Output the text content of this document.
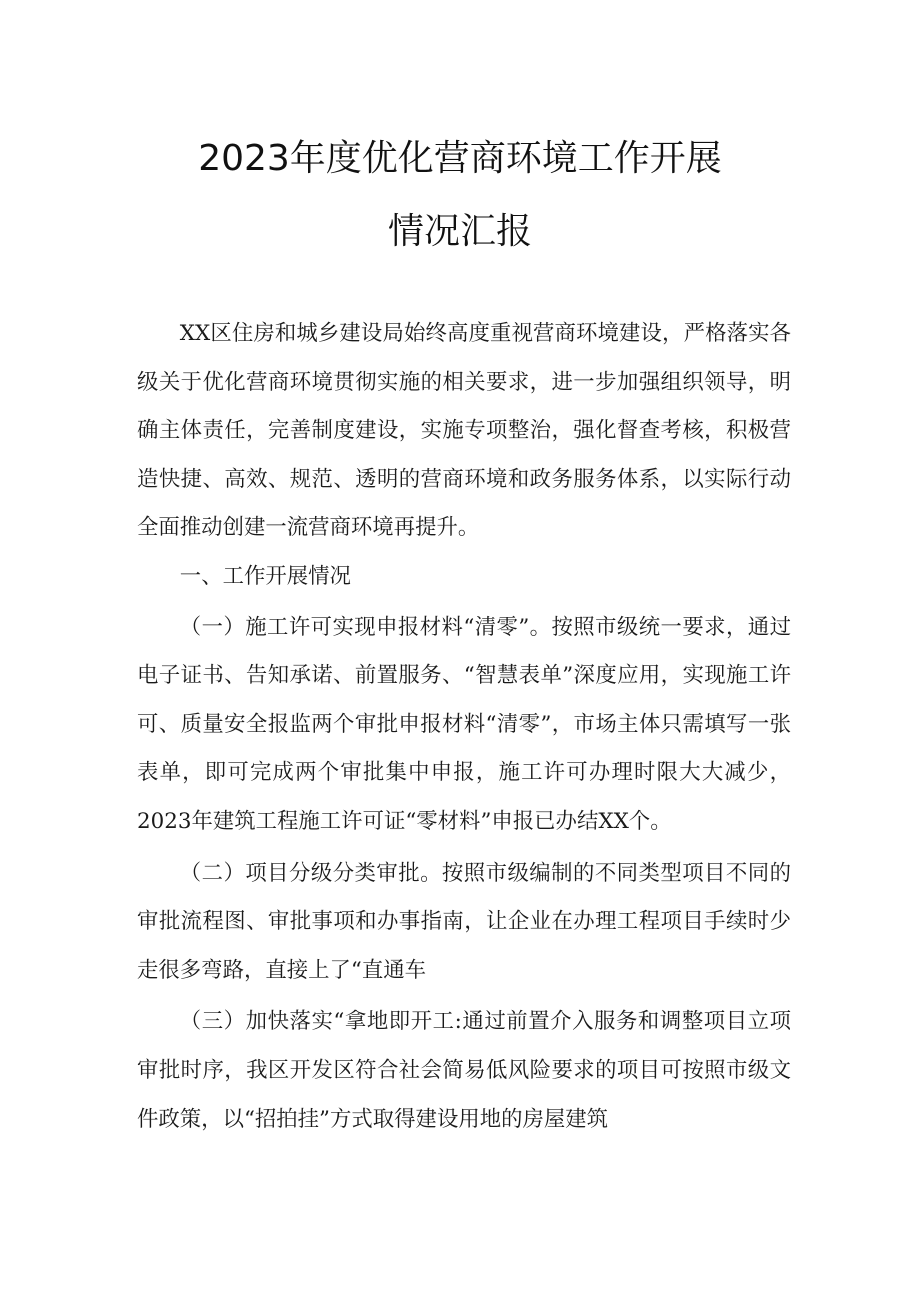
2023年度优化营商环境工作开展
情况汇报

XX区住房和城乡建设局始终高度重视营商环境建设，严格落实各级关于优化营商环境贯彻实施的相关要求，进一步加强组织领导，明确主体责任，完善制度建设，实施专项整治，强化督查考核，积极营造快捷、高效、规范、透明的营商环境和政务服务体系，以实际行动全面推动创建一流营商环境再提升。

一、工作开展情况

（一）施工许可实现申报材料“清零”。按照市级统一要求，通过电子证书、告知承诺、前置服务、“智慧表单”深度应用，实现施工许可、质量安全报监两个审批申报材料“清零”，市场主体只需填写一张表单，即可完成两个审批集中申报，施工许可办理时限大大减少，2023年建筑工程施工许可证“零材料”申报已办结XX个。

（二）项目分级分类审批。按照市级编制的不同类型项目不同的审批流程图、审批事项和办事指南，让企业在办理工程项目手续时少走很多弯路，直接上了“直通车

（三）加快落实“拿地即开工:通过前置介入服务和调整项目立项审批时序，我区开发区符合社会简易低风险要求的项目可按照市级文件政策，以“招拍挂”方式取得建设用地的房屋建筑
